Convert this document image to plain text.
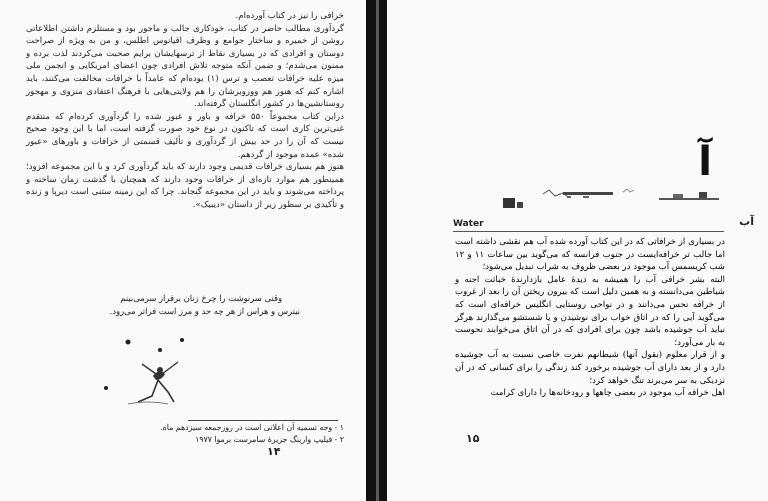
خرافی را نیز در کتاب آورده‌ام.

گردآوری مطالب حاضر در کتاب، خودکاری جالب و ماجور بود و مستلزم داشتن اطلاعاتی روشن از خمیره و ساختار جوامع و وظرف اقیانوس اطلس، و من به ویژه از صراحت دوستان و افرادی که در بسیاری نقاط از ترسهایشان برایم صحبت می‌کردند لذت برده و ممنون می‌شدم؛ و ضمن آنکه متوجه تلاش افرادی چون اعضای امریکایی و انجمن ملی میزه علیه خرافات تعصب و ترس (۱) بوده‌ام که عامداً با خرافات مخالفت می‌کنند، باید اشاره کنم که هنوز هم ووروبرشان را هم ولایتی‌هایی با فرهنگ اعتقادی منزوی و مهجور روستانشین‌ها در کشور انگلستان گرفته‌اند.

دراین کتاب مجموعاً ۵۵۰ خرافه و باور و عبور شده را گردآوری کرده‌ام که منتقدم غنی‌ترین کاری است که تاکنون در نوع خود صورت گرفته است، اما با این وجود صحیح نیست که آن را در حد بیش از گردآوری و تألیف قسمتی از خرافات و باورهای «عبور شده» عمده موجود از گردهم.

هنوز هم بسیاری خرافات قدیمی وجود دارند که باید گردآوری کرد و با این مجموعه افزود؛ همینطور هم موارد تازه‌ای از خرافات وجود دارند که همچنان با گذشت زمان ساخته و پرداخته می‌شوند و باید در این مجموعه گنجاند. چرا که این زمینه ستنی است دیرپا و زنده و تأکیدی بر سطور زیر از داستان «دیبیک».

وقتی سرنوشت را چرخ زنان برفراز سرمی‌بینم

نیترس و هراس از هر چه حد و مرز است فراتر می‌رود.

۱ - وجه تسمیه آن اعلانی است در روزجمعه سیزدهم ماه.

۲ - فیلیپ وارینگ جزیرهٔ سامرست برموا ۱۹۷۷

۱۴
آ
آب
Water

در بسیاری از خرافاتی که در این کتاب آورده شده آب هم نقشی داشته است اما جالب تر خرافه‌ایست در جنوب فرانسه که می‌گوید بین ساعات ۱۱ و ۱۲ شب کریسمس آب موجود در بعضی ظروف به شراب تبدیل می‌شود؛

البته بشر خرافی آب را همیشه به دیدهٔ عامل بازدارندهٔ خباثت اجنه و شیاطین می‌دانسته و به همین دلیل است که بیرون ریختن آن را بعد از غروب از خرافه نحس می‌دانند و در نواحی روستایی انگلیس خرافه‌ای است که می‌گوید آبی را که در اتاق خواب برای نوشیدن و یا شستشو می‌گذارند هرگز نباید آب جوشیده باشد چون برای افرادی که در آن اتاق می‌خوابند نحوست به بار می‌آورد؛

و از قرار معلوم (بقول آنها) شیطانهم نفرت خاصی نسبت به آب جوشیده دارد و از بعد دارای آب جوشیده برخورد کند زندگی را برای کسانی که در آن نزدیکی به سر می‌برند تنگ خواهد کرد؛

اهل خرافه آب موجود در بعضی چاهها و رودخانه‌ها را دارای کرامت

۱۵
